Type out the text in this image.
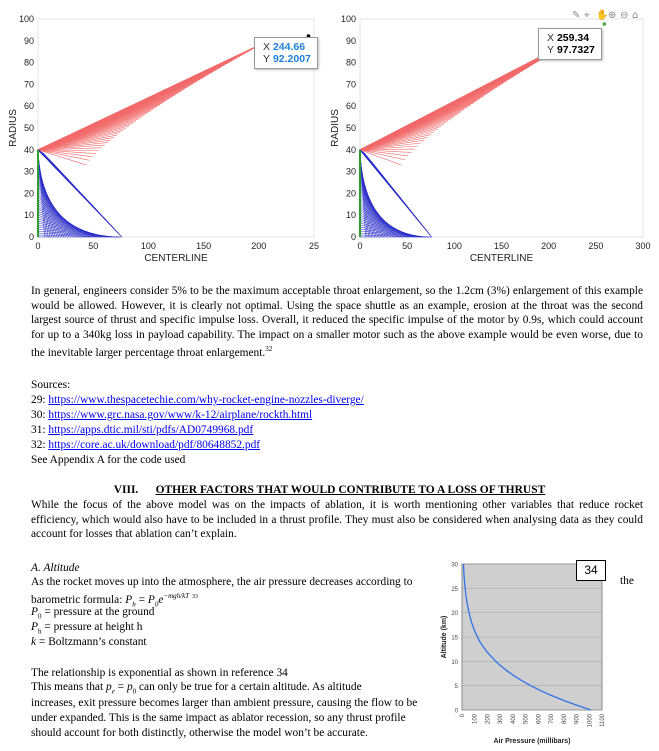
0
10
20
30
40
50
60
70
80
90
100
0	50	100	150	200	25
CENTERLINE
RADIUS
X 244.66
Y 92.2007
0
10
20
30
40
50
60
70
80
90
100
0	50	100	150	200	250	300
CENTERLINE
RADIUS
X 259.34
Y 97.7327
✎ ⌖ ✋⊕ ⊖ ⌂
In general, engineers consider 5% to be the maximum acceptable throat enlargement, so the 1.2cm (3%) enlargement of this example would be allowed. However, it is clearly not optimal. Using the space shuttle as an example, erosion at the throat was the second largest source of thrust and specific impulse loss. Overall, it reduced the specific impulse of the motor by 0.9s, which could account for up to a 340kg loss in payload capability. The impact on a smaller motor such as the above example would be even worse, due to the inevitable larger percentage throat enlargement.$^{32}$
Sources:
29: https://www.thespacetechie.com/why-rocket-engine-nozzles-diverge/
30: https://www.grc.nasa.gov/www/k-12/airplane/rockth.html
31: https://apps.dtic.mil/sti/pdfs/AD0749968.pdf
32: https://core.ac.uk/download/pdf/80648852.pdf
See Appendix A for the code used
VIII. OTHER FACTORS THAT WOULD CONTRIBUTE TO A LOSS OF THRUST
While the focus of the above model was on the impacts of ablation, it is worth mentioning other variables that reduce rocket efficiency, which would also have to be included in a thrust profile. They must also be considered when analysing data as they could account for losses that ablation can’t explain.
A. Altitude
As the rocket moves up into the atmosphere, the air pressure decreases according to	the
barometric formula: $P_h = P_0e^{-mgh/kT}$ $^{33}$
$P_0$ = pressure at the ground
$P_h$ = pressure at height h
k = Boltzmann’s constant
The relationship is exponential as shown in reference 34
This means that $p_e = p_0$ can only be true for a certain altitude. As altitude
increases, exit pressure becomes larger than ambient pressure, causing the flow to be
under expanded. This is the same impact as ablator recession, so any thrust profile
should account for both distinctly, otherwise the model won’t be accurate.
0
5
10
15
20
25
30
0 100 200 300 400 500 600 700 800 900 1000 1100
Air Pressure (millibars)
Altitude (km)
34
